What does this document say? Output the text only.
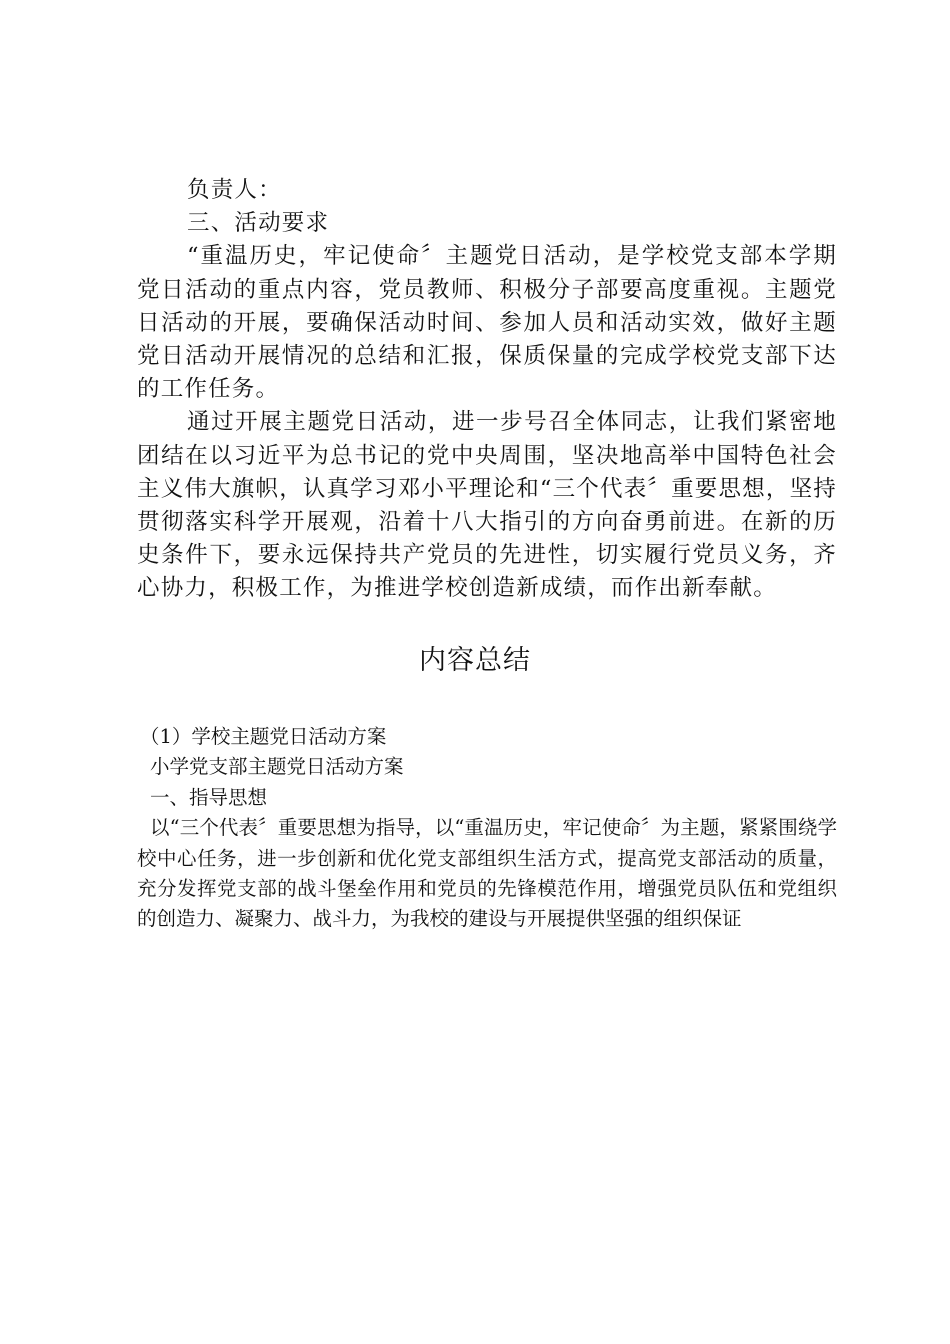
负责人：

三、活动要求

“重温历史，牢记使命〞主题党日活动，是学校党支部本学期党日活动的重点内容，党员教师、积极分子部要高度重视。主题党日活动的开展，要确保活动时间、参加人员和活动实效，做好主题党日活动开展情况的总结和汇报，保质保量的完成学校党支部下达的工作任务。

通过开展主题党日活动，进一步号召全体同志，让我们紧密地团结在以习近平为总书记的党中央周围，坚决地高举中国特色社会主义伟大旗帜，认真学习邓小平理论和“三个代表〞重要思想，坚持贯彻落实科学开展观，沿着十八大指引的方向奋勇前进。在新的历史条件下，要永远保持共产党员的先进性，切实履行党员义务，齐心协力，积极工作，为推进学校创造新成绩，而作出新奉献。

内容总结

（1）学校主题党日活动方案

小学党支部主题党日活动方案

一、指导思想

以“三个代表〞重要思想为指导，以“重温历史，牢记使命〞为主题，紧紧围绕学校中心任务，进一步创新和优化党支部组织生活方式，提高党支部活动的质量，充分发挥党支部的战斗堡垒作用和党员的先锋模范作用，增强党员队伍和党组织的创造力、凝聚力、战斗力，为我校的建设与开展提供坚强的组织保证
